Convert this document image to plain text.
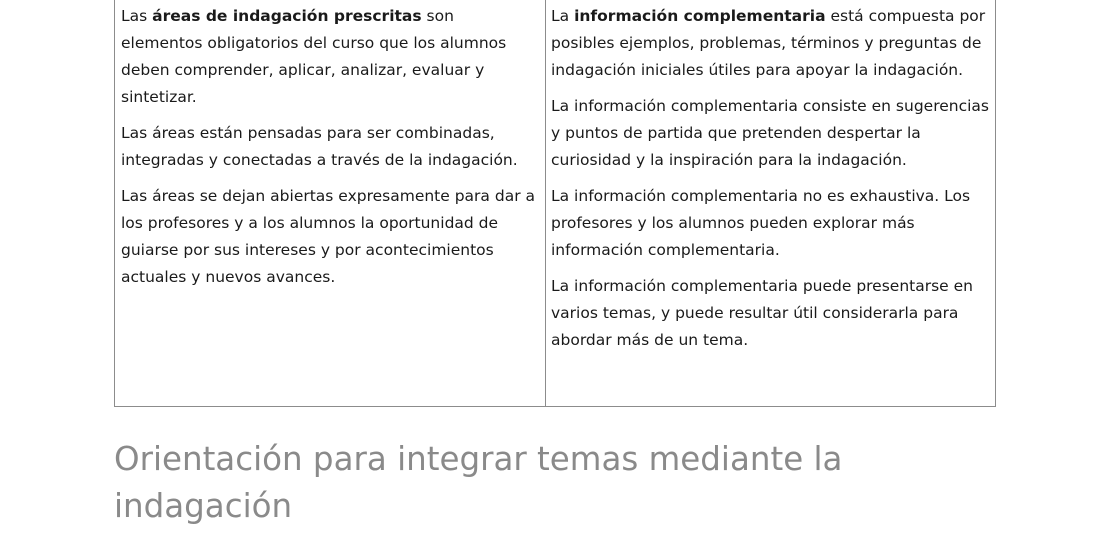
Las áreas de indagación prescritas son elementos obligatorios del curso que los alumnos deben comprender, aplicar, analizar, evaluar y sintetizar.

Las áreas están pensadas para ser combinadas, integradas y conectadas a través de la indagación.

Las áreas se dejan abiertas expresamente para dar a los profesores y a los alumnos la oportunidad de guiarse por sus intereses y por acontecimientos actuales y nuevos avances.

La información complementaria está compuesta por posibles ejemplos, problemas, términos y preguntas de indagación iniciales útiles para apoyar la indagación.

La información complementaria consiste en sugerencias y puntos de partida que pretenden despertar la curiosidad y la inspiración para la indagación.

La información complementaria no es exhaustiva. Los profesores y los alumnos pueden explorar más información complementaria.

La información complementaria puede presentarse en varios temas, y puede resultar útil considerarla para abordar más de un tema.

Orientación para integrar temas mediante la indagación
